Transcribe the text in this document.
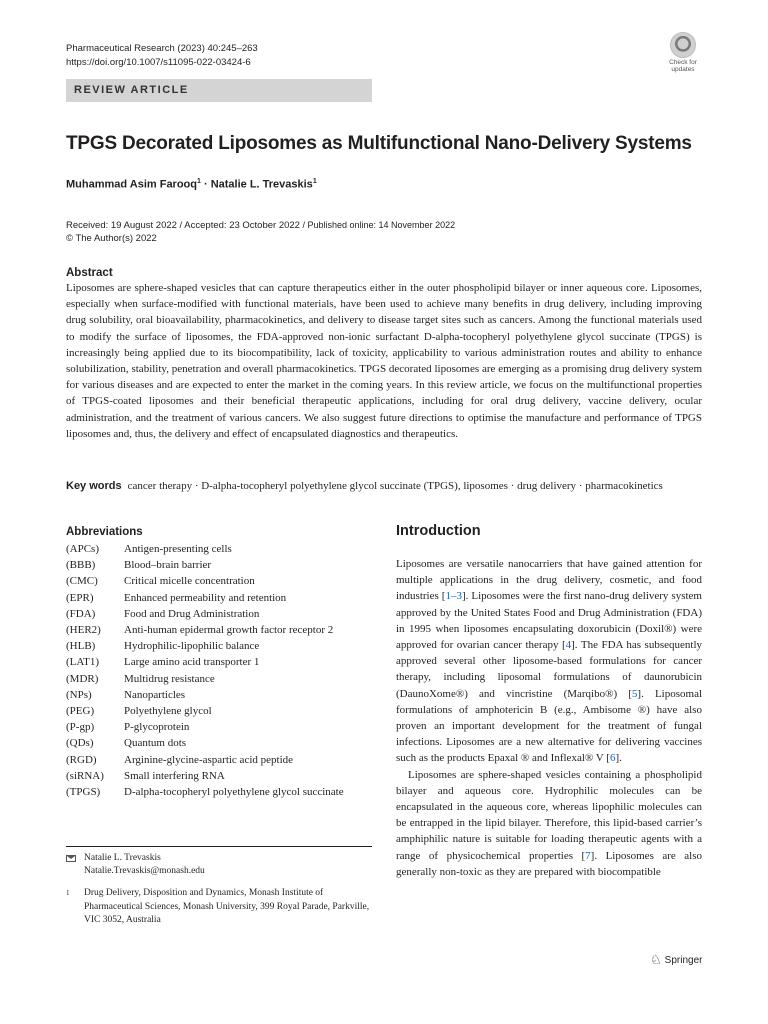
Pharmaceutical Research (2023) 40:245–263
https://doi.org/10.1007/s11095-022-03424-6	Check for
updates
REVIEW ARTICLE
TPGS Decorated Liposomes as Multifunctional Nano-Delivery Systems
Muhammad Asim Farooq$^1$ · Natalie L. Trevaskis$^1$
Received: 19 August 2022 / Accepted: 23 October 2022 / Published online: 14 November 2022
© The Author(s) 2022
Abstract

Liposomes are sphere-shaped vesicles that can capture therapeutics either in the outer phospholipid bilayer or inner aqueous core. Liposomes, especially when surface-modified with functional materials, have been used to achieve many benefits in drug delivery, including improving drug solubility, oral bioavailability, pharmacokinetics, and delivery to disease target sites such as cancers. Among the functional materials used to modify the surface of liposomes, the FDA-approved non-ionic surfactant D-alpha-tocopheryl polyethylene glycol succinate (TPGS) is increasingly being applied due to its biocompatibility, lack of toxicity, applicability to various administration routes and ability to enhance solubilization, stability, penetration and overall pharmacokinetics. TPGS decorated liposomes are emerging as a promising drug delivery system for various diseases and are expected to enter the market in the coming years. In this review article, we focus on the multifunctional properties of TPGS-coated liposomes and their beneficial therapeutic applications, including for oral drug delivery, vaccine delivery, ocular administration, and the treatment of various cancers. We also suggest future directions to optimise the manufacture and performance of TPGS liposomes and, thus, the delivery and effect of encapsulated diagnostics and therapeutics.

Key words cancer therapy · D-alpha-tocopheryl polyethylene glycol succinate (TPGS), liposomes · drug delivery · pharmacokinetics

Abbreviations
(APCs)	Antigen-presenting cells
(BBB)	Blood–brain barrier
(CMC)	Critical micelle concentration
(EPR)	Enhanced permeability and retention
(FDA)	Food and Drug Administration
(HER2)	Anti-human epidermal growth factor receptor 2
(HLB)	Hydrophilic-lipophilic balance
(LAT1)	Large amino acid transporter 1
(MDR)	Multidrug resistance
(NPs)	Nanoparticles
(PEG)	Polyethylene glycol
(P-gp)	P-glycoprotein
(QDs)	Quantum dots
(RGD)	Arginine-glycine-aspartic acid peptide
(siRNA)	Small interfering RNA
(TPGS)	D-alpha-tocopheryl polyethylene glycol succinate
Natalie L. Trevaskis
Natalie.Trevaskis@monash.edu
1	Drug Delivery, Disposition and Dynamics, Monash Institute of Pharmaceutical Sciences, Monash University, 399 Royal Parade, Parkville, VIC 3052, Australia
Introduction

Liposomes are versatile nanocarriers that have gained attention for multiple applications in the drug delivery, cosmetic, and food industries [1–3]. Liposomes were the first nano-drug delivery system approved by the United States Food and Drug Administration (FDA) in 1995 when liposomes encapsulating doxorubicin (Doxil®) were approved for ovarian cancer therapy [4]. The FDA has subsequently approved several other liposome-based formulations for cancer therapy, including liposomal formulations of daunorubicin (DaunoXome®) and vincristine (Marqibo®) [5]. Liposomal formulations of amphotericin B (e.g., Ambisome ®) have also proven an important development for the treatment of fungal infections. Liposomes are a new alternative for delivering vaccines such as the products Epaxal ® and Inflexal® V [6].

Liposomes are sphere-shaped vesicles containing a phospholipid bilayer and aqueous core. Hydrophilic molecules can be encapsulated in the aqueous core, whereas lipophilic molecules can be entrapped in the lipid bilayer. Therefore, this lipid-based carrier’s amphiphilic nature is suitable for loading therapeutic agents with a range of physicochemical properties [7]. Liposomes are also generally non-toxic as they are prepared with biocompatible

♘ Springer
